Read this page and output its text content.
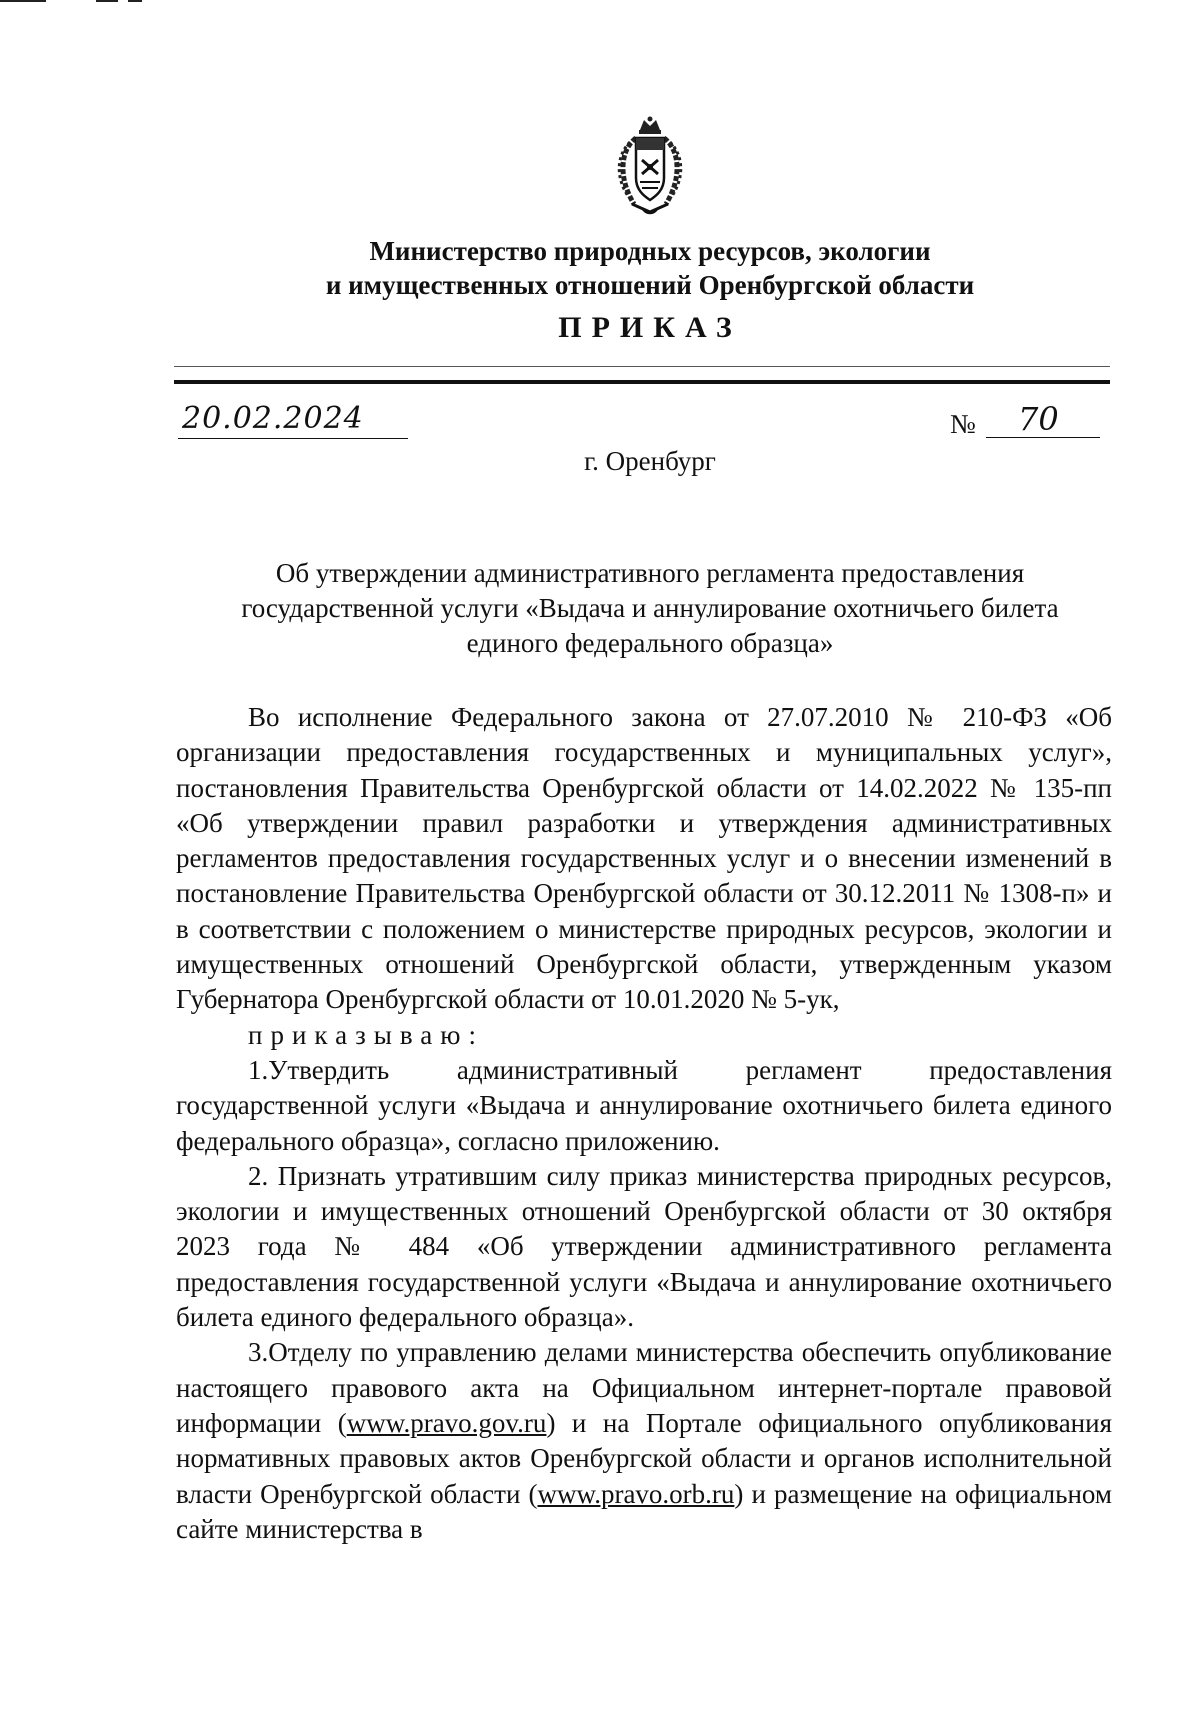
Министерство природных ресурсов, экологии
и имущественных отношений Оренбургской области
ПРИКАЗ
20.02.2024	№	70
г. Оренбург
Об утверждении административного регламента предоставления
государственной услуги «Выдача и аннулирование охотничьего билета
единого федерального образца»

Во исполнение Федерального закона от 27.07.2010 № 210-ФЗ «Об организации предоставления государственных и муниципальных услуг», постановления Правительства Оренбургской области от 14.02.2022 № 135-пп «Об утверждении правил разработки и утверждения административных регламентов предоставления государственных услуг и о внесении изменений в постановление Правительства Оренбургской области от 30.12.2011 № 1308-п» и в соответствии с положением о министерстве природных ресурсов, экологии и имущественных отношений Оренбургской области, утвержденным указом Губернатора Оренбургской области от 10.01.2020 № 5-ук,

приказываю:

1.Утвердить административный регламент предоставления государственной услуги «Выдача и аннулирование охотничьего билета единого федерального образца», согласно приложению.

2. Признать утратившим силу приказ министерства природных ресурсов, экологии и имущественных отношений Оренбургской области от 30 октября 2023 года № 484 «Об утверждении административного регламента предоставления государственной услуги «Выдача и аннулирование охотничьего билета единого федерального образца».

3.Отделу по управлению делами министерства обеспечить опубликование настоящего правового акта на Официальном интернет-портале правовой информации (www.pravo.gov.ru) и на Портале официального опубликования нормативных правовых актов Оренбургской области и органов исполнительной власти Оренбургской области (www.pravo.orb.ru) и размещение на официальном сайте министерства в
